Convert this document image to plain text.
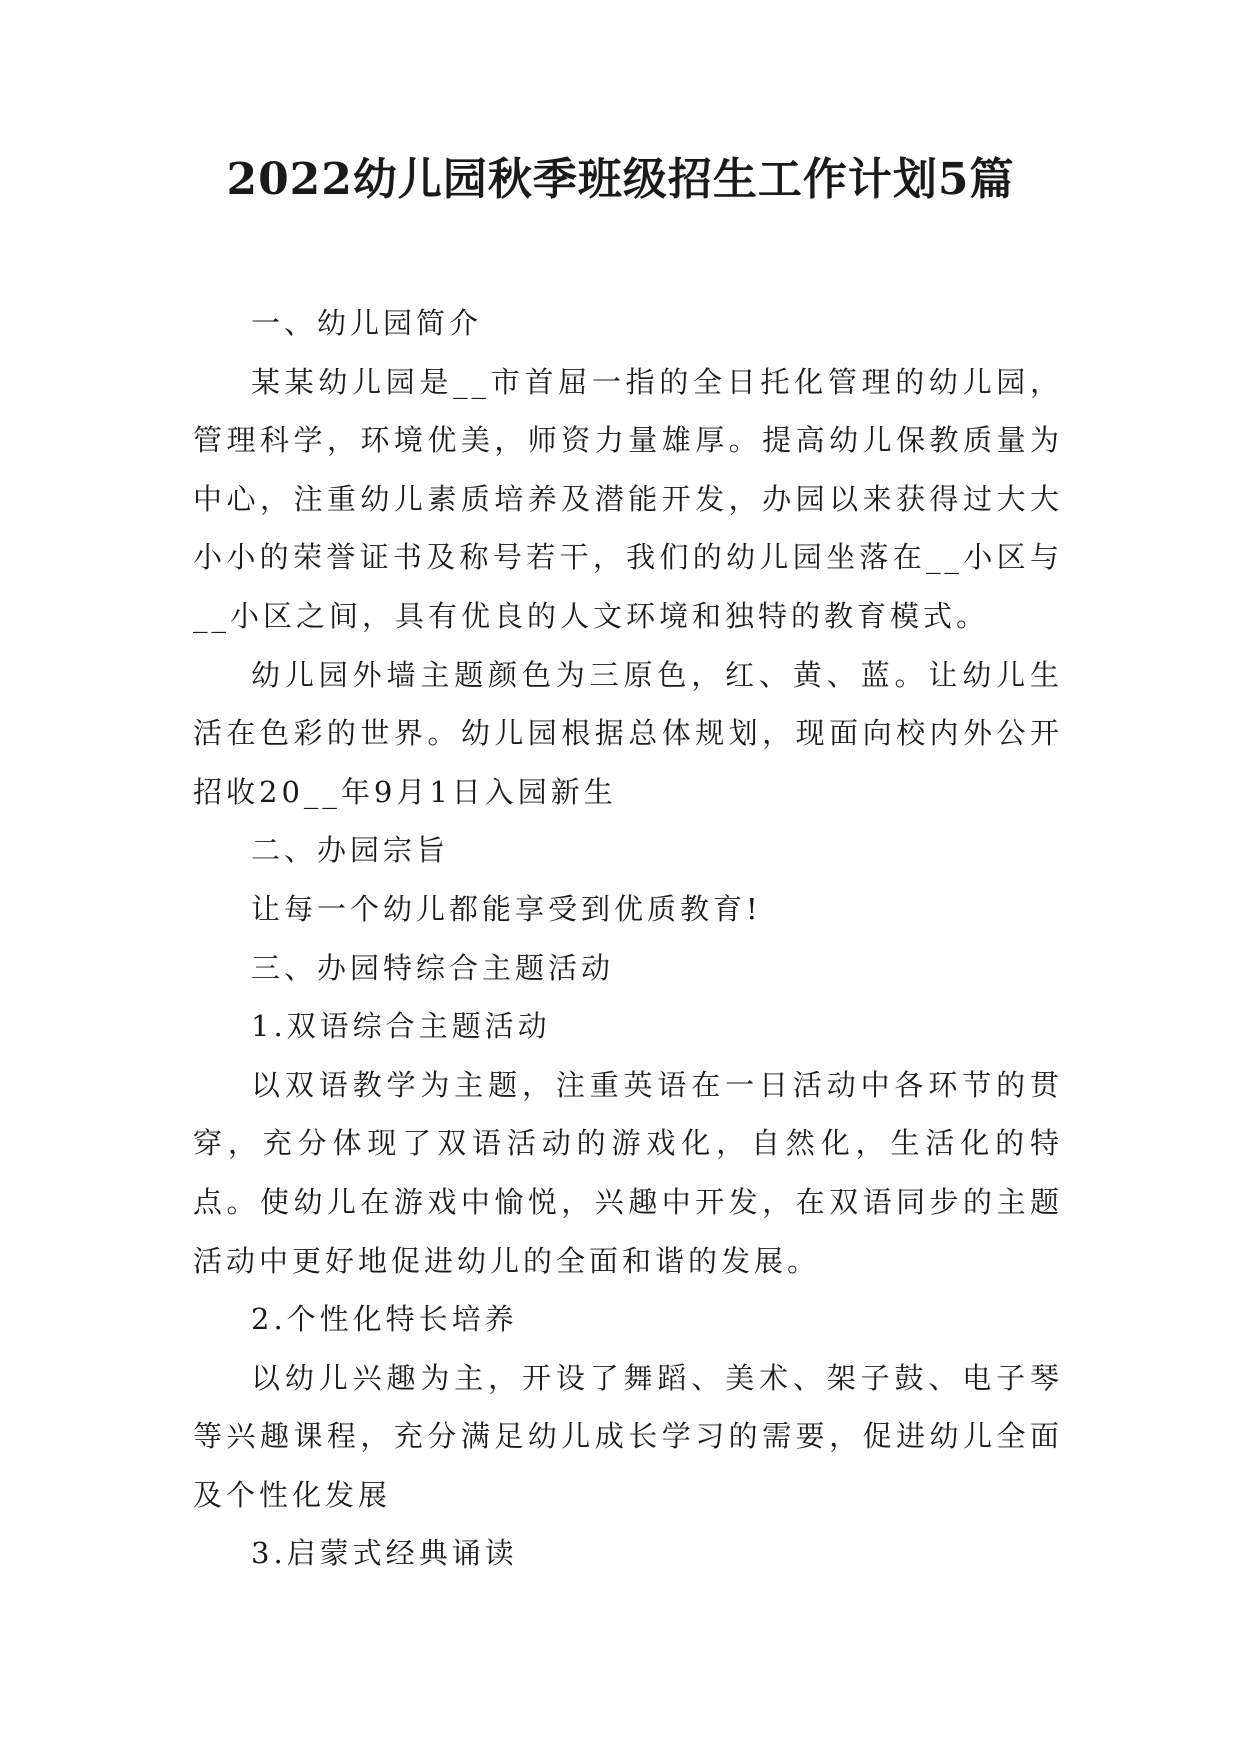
2022幼儿园秋季班级招生工作计划5篇

一、幼儿园简介

某某幼儿园是__市首屈一指的全日托化管理的幼儿园，管理科学，环境优美，师资力量雄厚。提高幼儿保教质量为中心，注重幼儿素质培养及潜能开发，办园以来获得过大大小小的荣誉证书及称号若干，我们的幼儿园坐落在__小区与__小区之间，具有优良的人文环境和独特的教育模式。

幼儿园外墙主题颜色为三原色，红、黄、蓝。让幼儿生活在色彩的世界。幼儿园根据总体规划，现面向校内外公开招收20__年9月1日入园新生

二、办园宗旨

让每一个幼儿都能享受到优质教育!

三、办园特综合主题活动

1.双语综合主题活动

以双语教学为主题，注重英语在一日活动中各环节的贯穿，充分体现了双语活动的游戏化，自然化，生活化的特点。使幼儿在游戏中愉悦，兴趣中开发，在双语同步的主题活动中更好地促进幼儿的全面和谐的发展。

2.个性化特长培养

以幼儿兴趣为主，开设了舞蹈、美术、架子鼓、电子琴等兴趣课程，充分满足幼儿成长学习的需要，促进幼儿全面及个性化发展

3.启蒙式经典诵读
